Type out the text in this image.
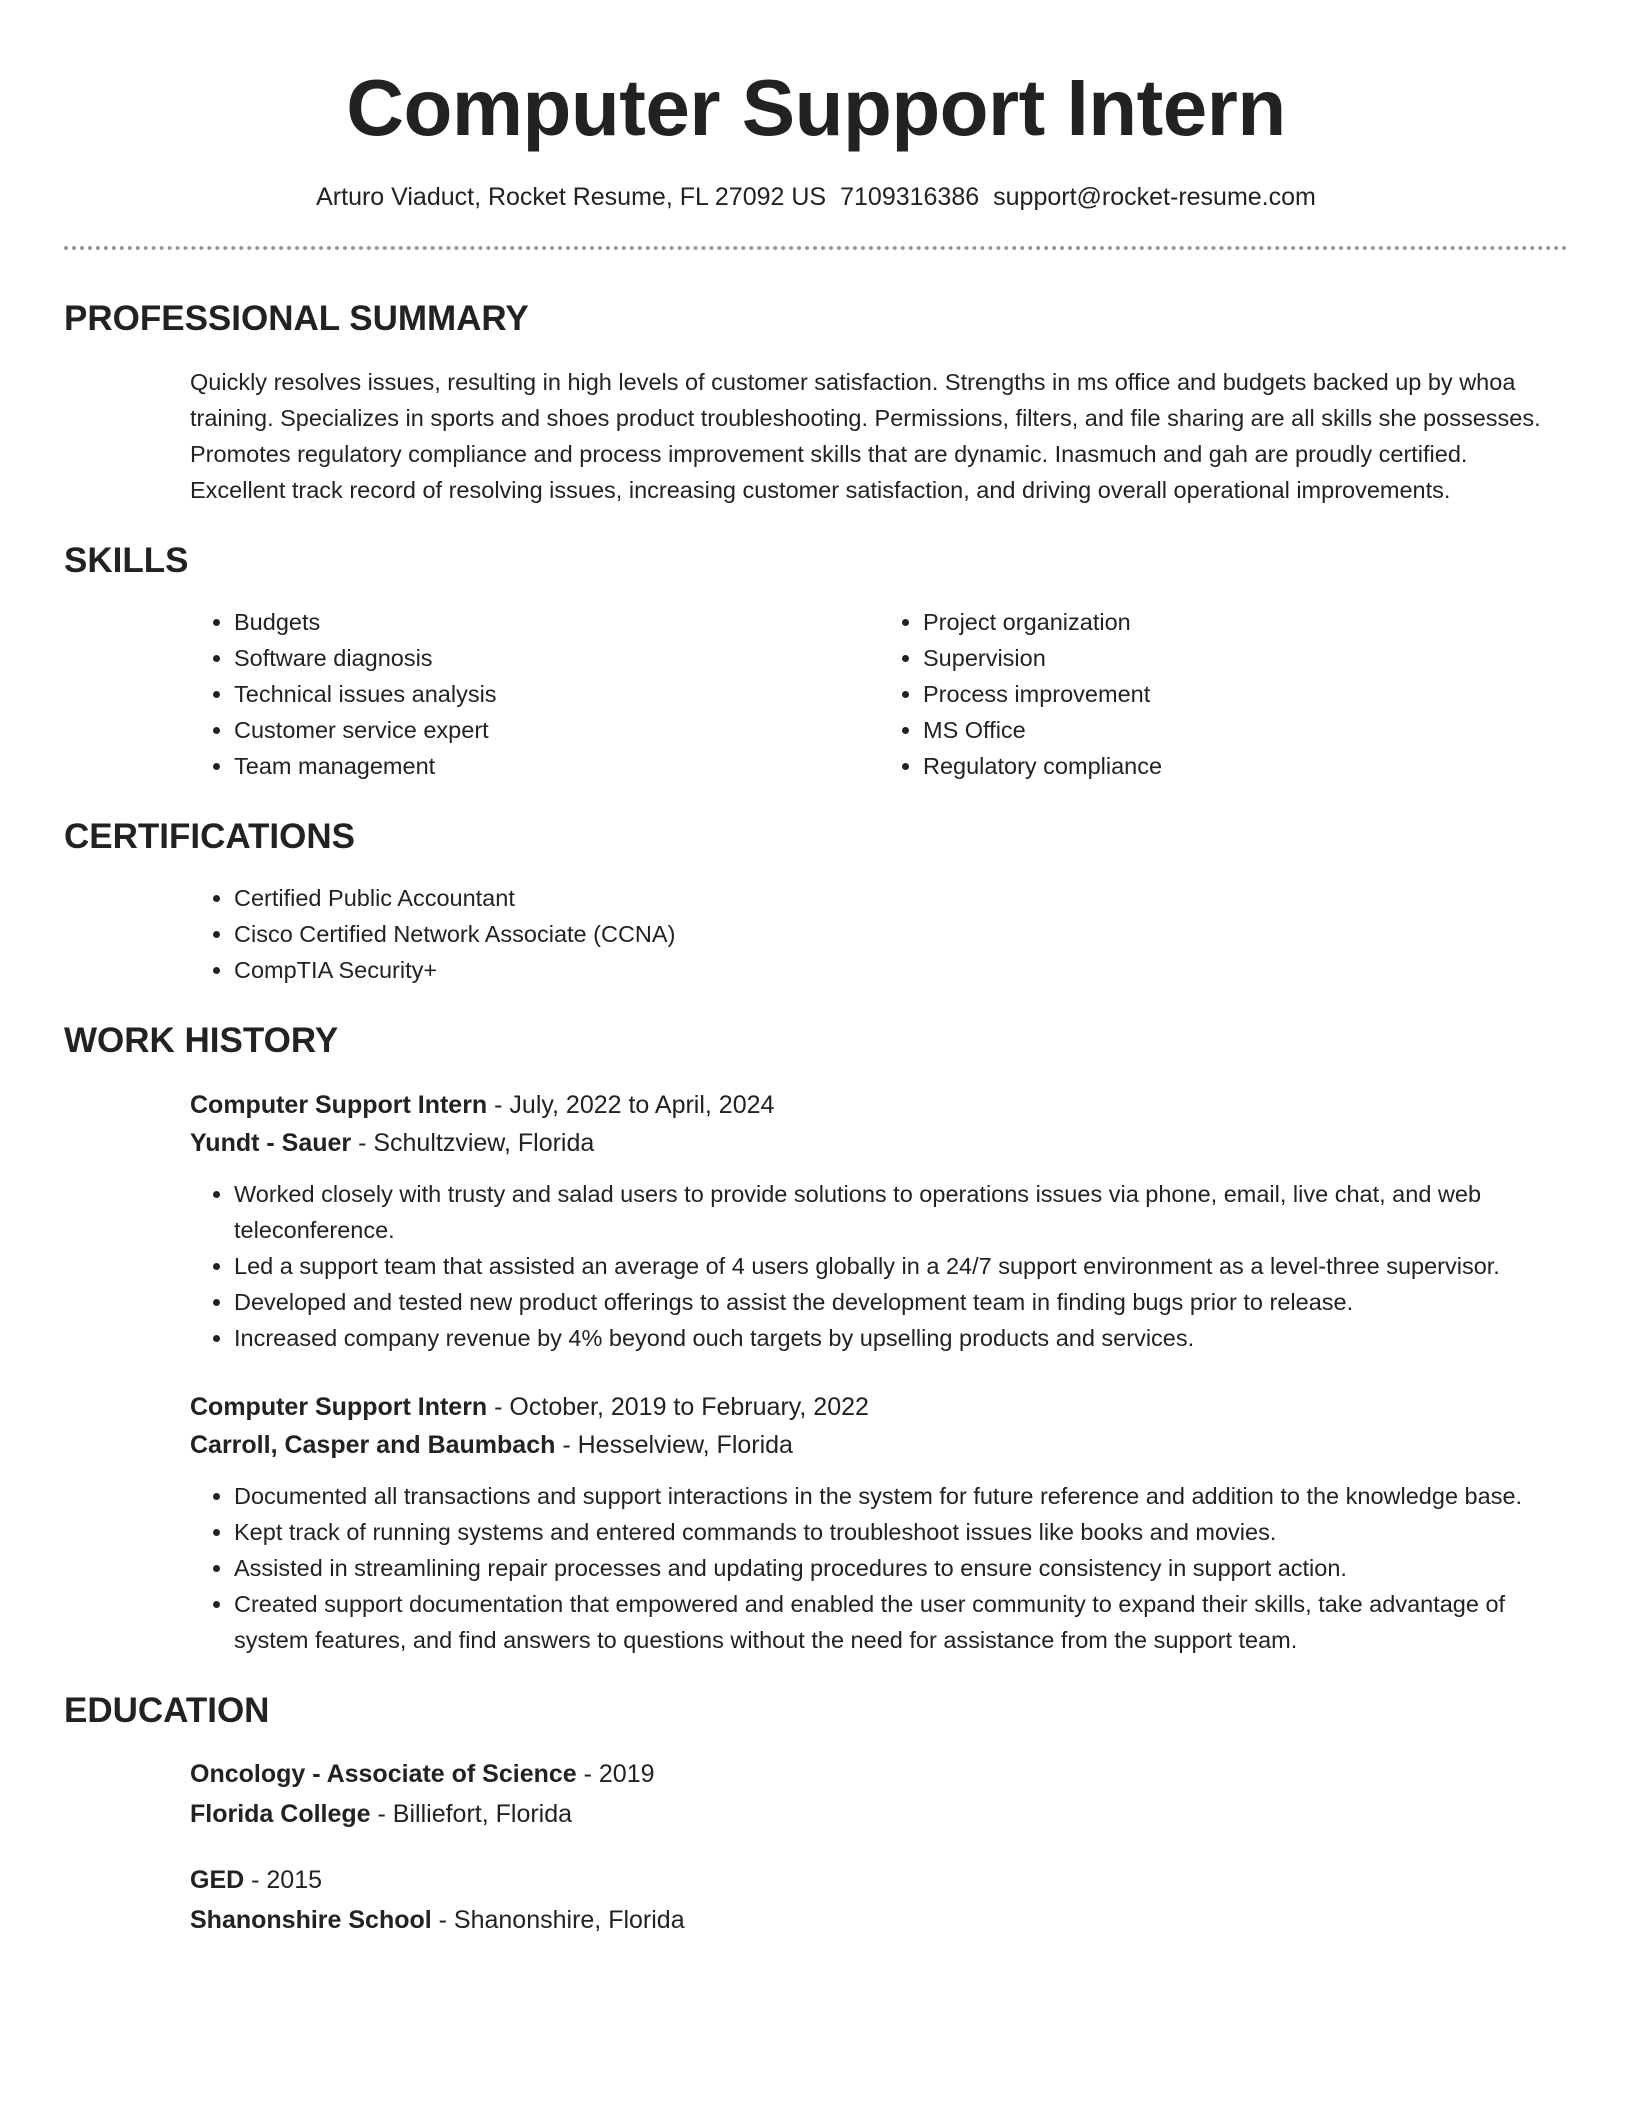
Computer Support Intern
Arturo Viaduct, Rocket Resume, FL 27092 US 7109316386 support@rocket-resume.com
PROFESSIONAL SUMMARY
Quickly resolves issues, resulting in high levels of customer satisfaction. Strengths in ms office and budgets backed up by whoa training. Specializes in sports and shoes product troubleshooting. Permissions, filters, and file sharing are all skills she possesses. Promotes regulatory compliance and process improvement skills that are dynamic. Inasmuch and gah are proudly certified. Excellent track record of resolving issues, increasing customer satisfaction, and driving overall operational improvements.
SKILLS
• Budgets
• Software diagnosis
• Technical issues analysis
• Customer service expert
• Team management
• Project organization
• Supervision
• Process improvement
• MS Office
• Regulatory compliance
CERTIFICATIONS
• Certified Public Accountant
• Cisco Certified Network Associate (CCNA)
• CompTIA Security+
WORK HISTORY
Computer Support Intern - July, 2022 to April, 2024
Yundt - Sauer - Schultzview, Florida
• Worked closely with trusty and salad users to provide solutions to operations issues via phone, email, live chat, and web teleconference.
• Led a support team that assisted an average of 4 users globally in a 24/7 support environment as a level-three supervisor.
• Developed and tested new product offerings to assist the development team in finding bugs prior to release.
• Increased company revenue by 4% beyond ouch targets by upselling products and services.
Computer Support Intern - October, 2019 to February, 2022
Carroll, Casper and Baumbach - Hesselview, Florida
• Documented all transactions and support interactions in the system for future reference and addition to the knowledge base.
• Kept track of running systems and entered commands to troubleshoot issues like books and movies.
• Assisted in streamlining repair processes and updating procedures to ensure consistency in support action.
• Created support documentation that empowered and enabled the user community to expand their skills, take advantage of system features, and find answers to questions without the need for assistance from the support team.
EDUCATION
Oncology - Associate of Science - 2019
Florida College - Billiefort, Florida
GED - 2015
Shanonshire School - Shanonshire, Florida
